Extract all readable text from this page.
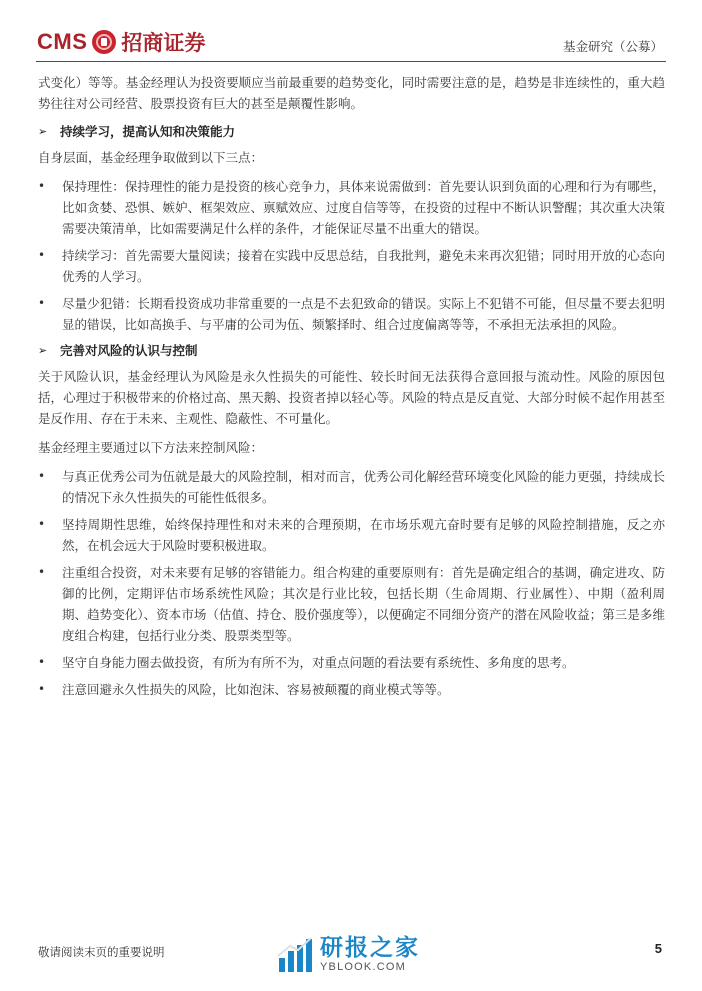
CMS 招商证券	基金研究（公募）

式变化）等等。基金经理认为投资要顺应当前最重要的趋势变化，同时需要注意的是，趋势是非连续性的，重大趋势往往对公司经营、股票投资有巨大的甚至是颠覆性影响。

➢	持续学习，提高认知和决策能力

自身层面，基金经理争取做到以下三点：

•	保持理性：保持理性的能力是投资的核心竞争力，具体来说需做到：首先要认识到负面的心理和行为有哪些，比如贪婪、恐惧、嫉妒、框架效应、禀赋效应、过度自信等等，在投资的过程中不断认识警醒；其次重大决策需要决策清单，比如需要满足什么样的条件，才能保证尽量不出重大的错误。

•	持续学习：首先需要大量阅读；接着在实践中反思总结，自我批判，避免未来再次犯错；同时用开放的心态向优秀的人学习。

•	尽量少犯错：长期看投资成功非常重要的一点是不去犯致命的错误。实际上不犯错不可能，但尽量不要去犯明显的错误，比如高换手、与平庸的公司为伍、频繁择时、组合过度偏离等等，不承担无法承担的风险。

➢	完善对风险的认识与控制

关于风险认识，基金经理认为风险是永久性损失的可能性、较长时间无法获得合意回报与流动性。风险的原因包括，心理过于积极带来的价格过高、黑天鹅、投资者掉以轻心等。风险的特点是反直觉、大部分时候不起作用甚至是反作用、存在于未来、主观性、隐蔽性、不可量化。

基金经理主要通过以下方法来控制风险：

•	与真正优秀公司为伍就是最大的风险控制，相对而言，优秀公司化解经营环境变化风险的能力更强，持续成长的情况下永久性损失的可能性低很多。

•	坚持周期性思维，始终保持理性和对未来的合理预期，在市场乐观亢奋时要有足够的风险控制措施，反之亦然，在机会远大于风险时要积极进取。

•	注重组合投资，对未来要有足够的容错能力。组合构建的重要原则有：首先是确定组合的基调，确定进攻、防御的比例，定期评估市场系统性风险；其次是行业比较，包括长期（生命周期、行业属性）、中期（盈利周期、趋势变化）、资本市场（估值、持仓、股价强度等），以便确定不同细分资产的潜在风险收益；第三是多维度组合构建，包括行业分类、股票类型等。

•	坚守自身能力圈去做投资，有所为有所不为，对重点问题的看法要有系统性、多角度的思考。

•	注意回避永久性损失的风险，比如泡沫、容易被颠覆的商业模式等等。

敬请阅读末页的重要说明	研报之家
YBLOOK.COM
5
